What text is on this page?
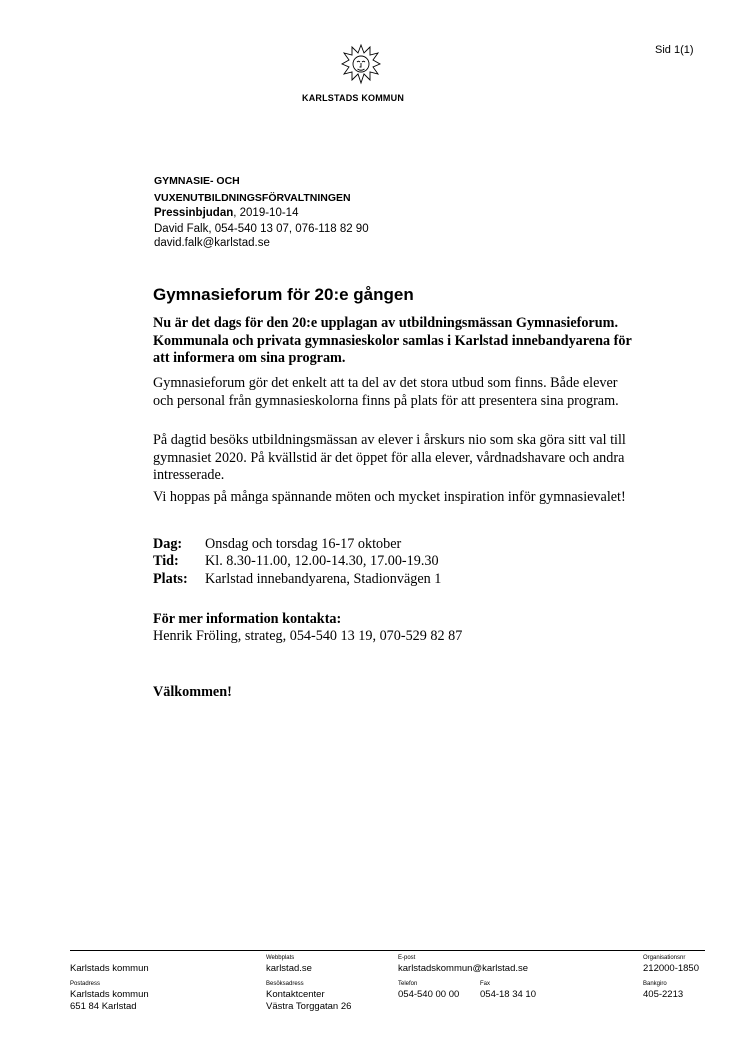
Sid 1(1)
KARLSTADS KOMMUN
GYMNASIE- OCH
VUXENUTBILDNINGSFÖRVALTNINGEN
Pressinbjudan, 2019-10-14
David Falk, 054-540 13 07, 076-118 82 90
david.falk@karlstad.se
Gymnasieforum för 20:e gången
Nu är det dags för den 20:e upplagan av utbildningsmässan Gymnasieforum. Kommunala och privata gymnasieskolor samlas i Karlstad innebandyarena för att informera om sina program.
Gymnasieforum gör det enkelt att ta del av det stora utbud som finns. Både elever och personal från gymnasieskolorna finns på plats för att presentera sina program.
På dagtid besöks utbildningsmässan av elever i årskurs nio som ska göra sitt val till gymnasiet 2020. På kvällstid är det öppet för alla elever, vårdnadshavare och andra intresserade.
Vi hoppas på många spännande möten och mycket inspiration inför gymnasievalet!
Dag: Onsdag och torsdag 16-17 oktober
Tid: Kl. 8.30-11.00, 12.00-14.30, 17.00-19.30
Plats: Karlstad innebandyarena, Stadionvägen 1
För mer information kontakta:
Henrik Fröling, strateg, 054-540 13 19, 070-529 82 87
Välkommen!
Karlstads kommun
Webbplats
karlstad.se
E-post
karlstadskommun@karlstad.se
Organisationsnr
212000-1850
Postadress
Karlstads kommun
651 84 Karlstad
Besöksadress
Kontaktcenter
Västra Torggatan 26
Telefon
054-540 00 00
Fax
054-18 34 10
Bankgiro
405-2213
